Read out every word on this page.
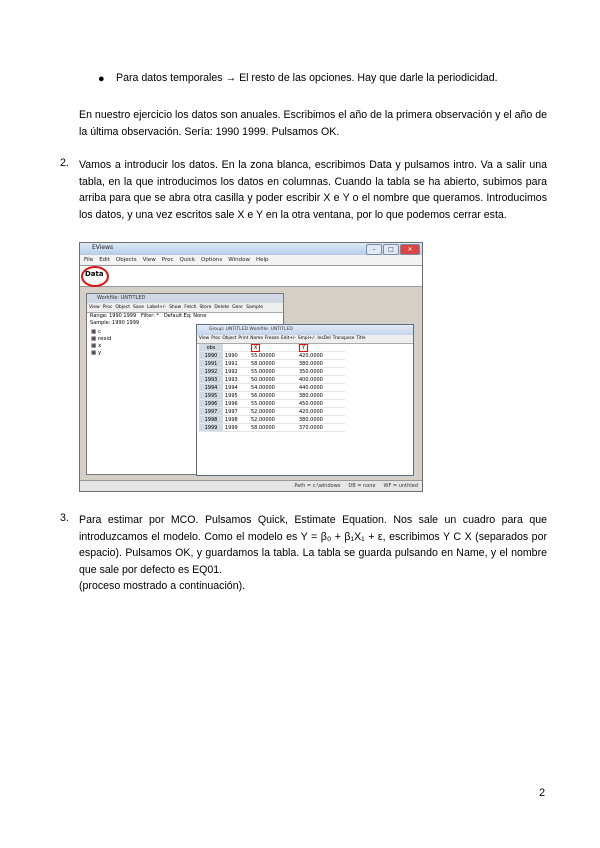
● Para datos temporales → El resto de las opciones. Hay que darle la periodicidad.
En nuestro ejercicio los datos son anuales. Escribimos el año de la primera observación y el año de la última observación. Sería: 1990 1999. Pulsamos OK.
2. Vamos a introducir los datos. En la zona blanca, escribimos Data y pulsamos intro. Va a salir una tabla, en la que introducimos los datos en columnas. Cuando la tabla se ha abierto, subimos para arriba para que se abra otra casilla y poder escribir X e Y o el nombre que queramos. Introducimos los datos, y una vez escritos sale X e Y en la otra ventana, por lo que podemos cerrar esta.
EViews	–	□	✕
File Edit Objects View Proc Quick Options Window Help
Data
Workfile: UNTITLED
View Proc Object Save Label+/- Show Fetch Store Delete Genr Sample
Range: 1990 1999 Filter: * Default Eq: None
Sample: 1990 1999
▦ c
▦ resid
▦ x
▦ y
Group: UNTITLED Workfile: UNTITLED
View Proc Object Print Name Freeze Edit+/- Smpl+/- InsDel Transpose Title
obs		X	Y
1990	1990	55.00000	420.0000
1991	1991	58.00000	380.0000
1992	1992	55.00000	350.0000
1993	1993	50.00000	400.0000
1994	1994	54.00000	440.0000
1995	1995	56.00000	380.0000
1996	1996	55.00000	450.0000
1997	1997	52.00000	420.0000
1998	1998	52.00000	380.0000
1999	1999	58.00000	370.0000
Path = c:\windows DB = none WF = untitled
3. Para estimar por MCO. Pulsamos Quick, Estimate Equation. Nos sale un cuadro para que introduzcamos el modelo. Como el modelo es Y = β₀ + β₁X₁ + ε, escribimos Y C X (separados por espacio). Pulsamos OK, y guardamos la tabla. La tabla se guarda pulsando en Name, y el nombre que sale por defecto es EQ01.
(proceso mostrado a continuación).
2
